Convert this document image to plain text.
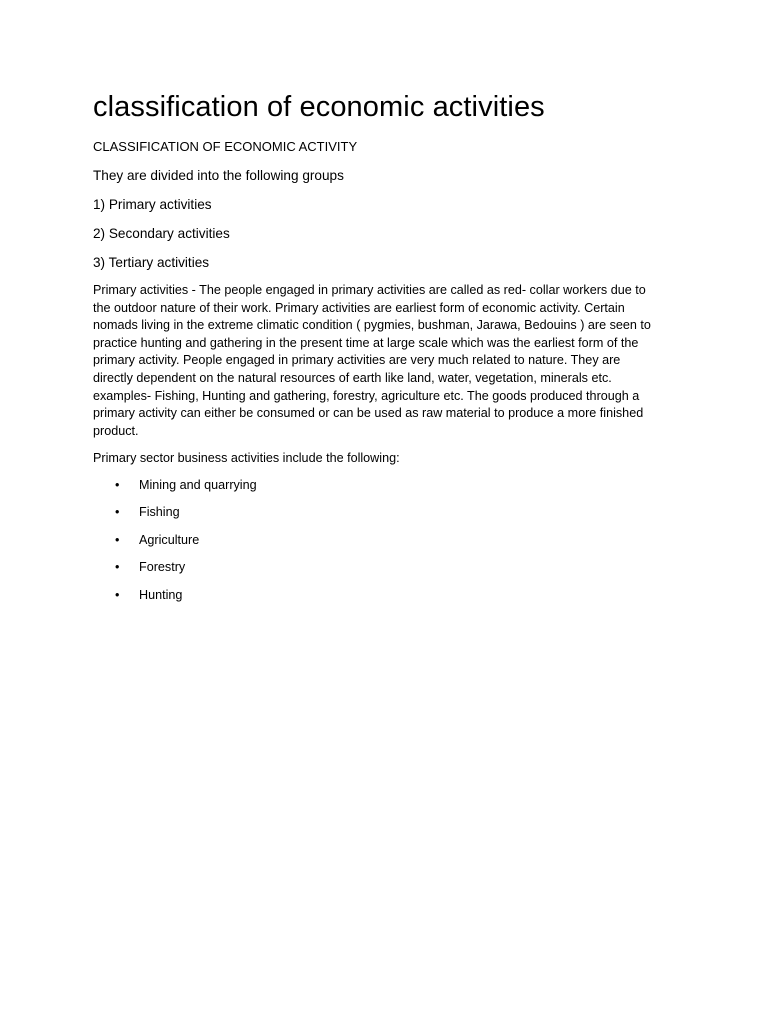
classification of economic activities
CLASSIFICATION OF ECONOMIC ACTIVITY
They are divided into the following groups
1) Primary activities
2) Secondary activities
3) Tertiary activities
Primary activities - The people engaged in primary activities are called as red- collar workers due to
the outdoor nature of their work. Primary activities are earliest form of economic activity. Certain
nomads living in the extreme climatic condition ( pygmies, bushman, Jarawa, Bedouins ) are seen to
practice hunting and gathering in the present time at large scale which was the earliest form of the
primary activity. People engaged in primary activities are very much related to nature. They are
directly dependent on the natural resources of earth like land, water, vegetation, minerals etc.
examples- Fishing, Hunting and gathering, forestry, agriculture etc. The goods produced through a
primary activity can either be consumed or can be used as raw material to produce a more finished
product.
Primary sector business activities include the following:
• Mining and quarrying
• Fishing
• Agriculture
• Forestry
• Hunting
